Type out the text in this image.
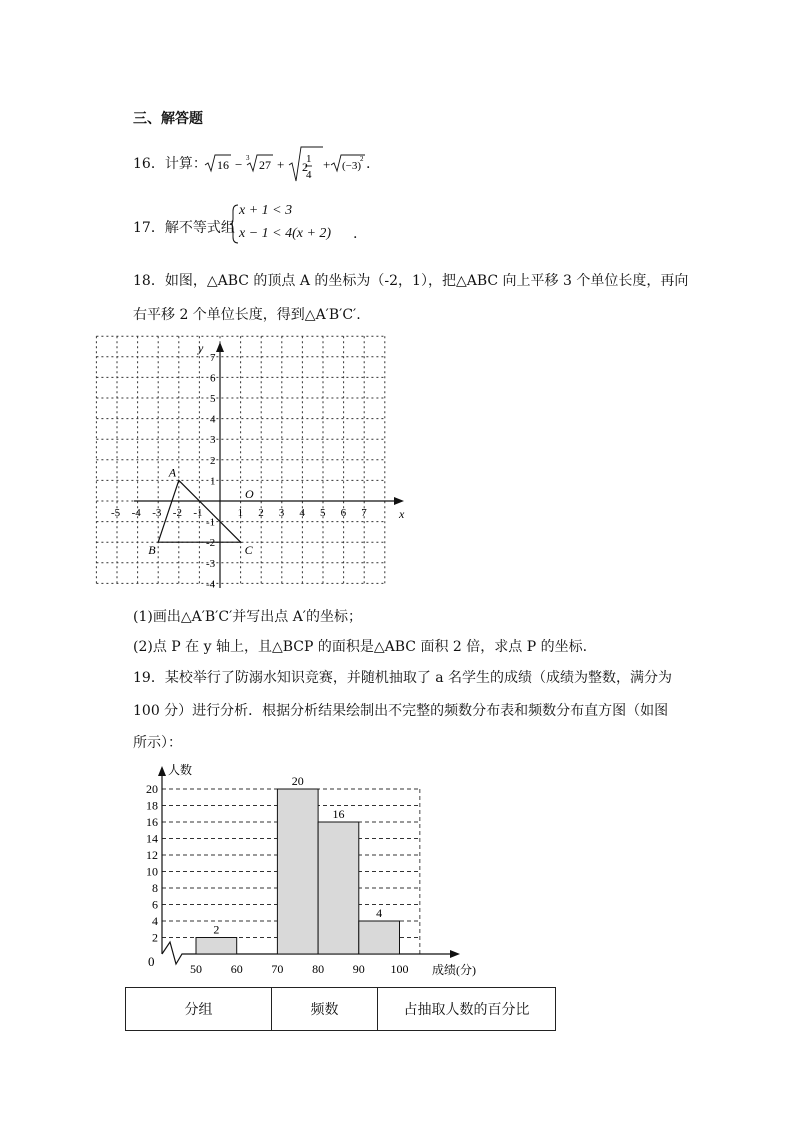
三、解答题
16．计算： 16 − 3 27 + 2
1
4
+ (−3)
2 .
17．解不等式组
x + 1 < 3
x − 1 < 4(x + 2) .
18．如图，△ABC 的顶点 A 的坐标为（-2，1），把△ABC 向上平移 3 个单位长度，再向
右平移 2 个单位长度，得到△A′B′C′.
x
y
O
-5 -4 -3 -2 -1	1 2 3 4 5 6 7
7
6
5
4
3
2
1
-1
-2
-3
-4
A
B	C
(1)画出△A′B′C′并写出点 A′的坐标；
(2)点 P 在 y 轴上，且△BCP 的面积是△ABC 面积 2 倍，求点 P 的坐标.
19．某校举行了防溺水知识竞赛，并随机抽取了 a 名学生的成绩（成绩为整数，满分为
100 分）进行分析．根据分析结果绘制出不完整的频数分布表和频数分布直方图（如图
所示）：
人数
0
成绩(分)
2
4
6
8
10
12
14
16
18
20
50 60 70 80 90 100
2
20
16
4
分组	频数	占抽取人数的百分比
